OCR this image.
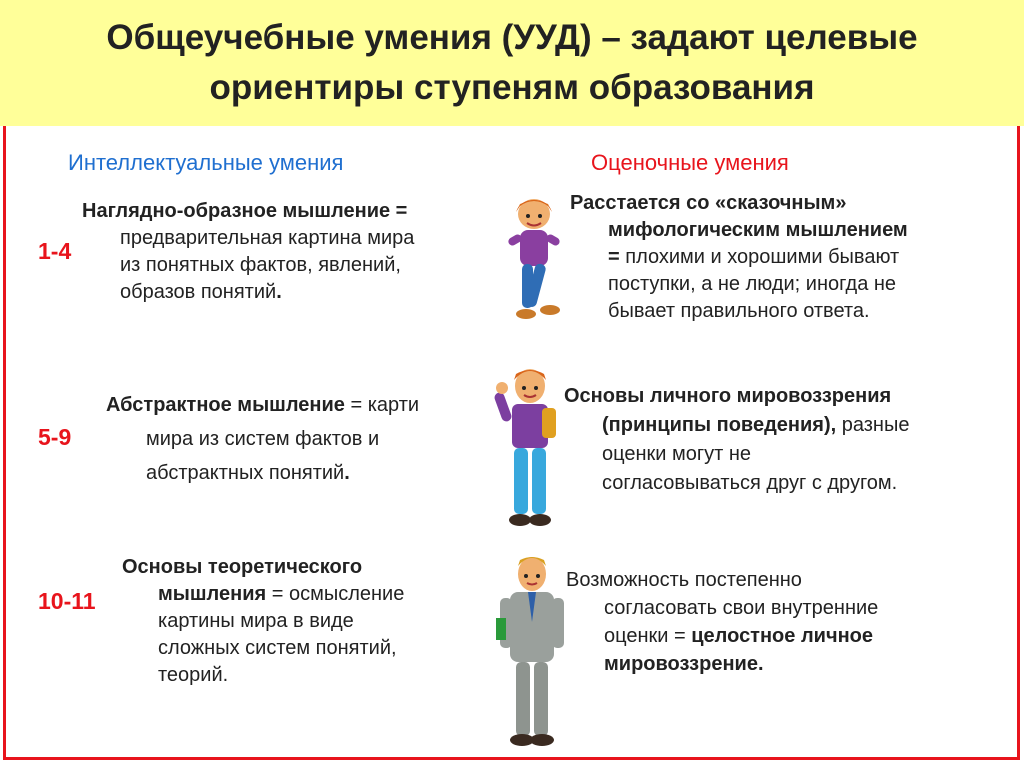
Общеучебные умения (УУД) – задают целевые
ориентиры ступеням образования
Интеллектуальные умения	Оценочные умения
1-4
5-9
10-11
Наглядно-образное мышление =

предварительная картина мира
из понятных фактов, явлений,
образов понятий.
Абстрактное мышление = карти

мира из систем фактов и
абстрактных понятий.
Основы теоретического

мышления = осмысление
картины мира в виде
сложных систем понятий,
теорий.
Расстается со «сказочным»

мифологическим мышлением
= плохими и хорошими бывают
поступки, а не люди; иногда не
бывает правильного ответа.
Основы личного мировоззрения

(принципы поведения), разные
оценки могут не
согласовываться друг с другом.
Возможность постепенно

согласовать свои внутренние
оценки = целостное личное
мировоззрение.
